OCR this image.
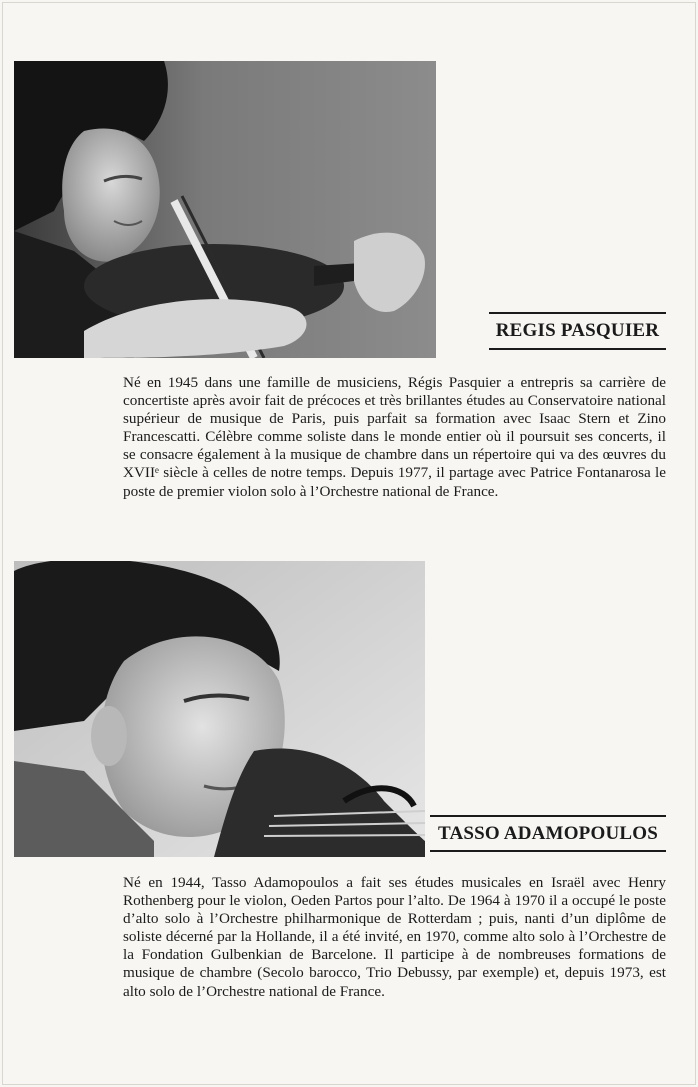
REGIS PASQUIER

Né en 1945 dans une famille de musiciens, Régis Pasquier a entrepris sa carrière de concertiste après avoir fait de précoces et très brillantes études au Conservatoire national supérieur de musique de Paris, puis parfait sa formation avec Isaac Stern et Zino Francescatti. Célèbre comme soliste dans le monde entier où il poursuit ses concerts, il se consacre également à la musique de chambre dans un répertoire qui va des œuvres du XVIIᵉ siècle à celles de notre temps. Depuis 1977, il partage avec Patrice Fontanarosa le poste de premier violon solo à l’Orchestre national de France.

TASSO ADAMOPOULOS

Né en 1944, Tasso Adamopoulos a fait ses études musicales en Israël avec Henry Rothenberg pour le violon, Oeden Partos pour l’alto. De 1964 à 1970 il a occupé le poste d’alto solo à l’Orchestre philharmonique de Rotterdam ; puis, nanti d’un diplôme de soliste décerné par la Hollande, il a été invité, en 1970, comme alto solo à l’Orchestre de la Fondation Gulbenkian de Barcelone. Il participe à de nombreuses formations de musique de chambre (Secolo barocco, Trio Debussy, par exemple) et, depuis 1973, est alto solo de l’Orchestre national de France.
